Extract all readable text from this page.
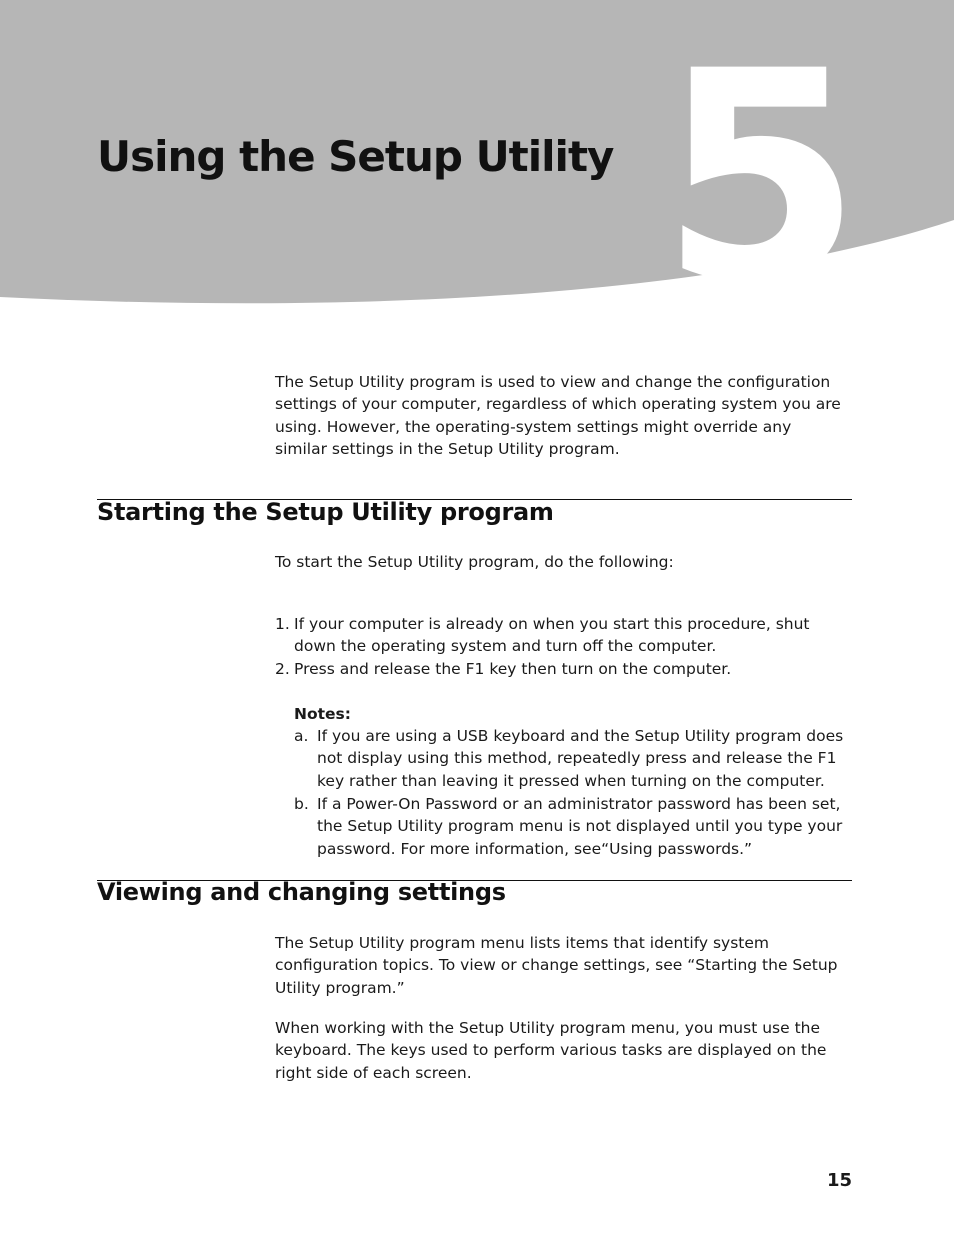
5
Using the Setup Utility

The Setup Utility program is used to view and change the configuration settings of your computer, regardless of which operating system you are using. However, the operating-system settings might override any similar settings in the Setup Utility program.

Starting the Setup Utility program

To start the Setup Utility program, do the following:

1. If your computer is already on when you start this procedure, shut down the operating system and turn off the computer.

2. Press and release the F1 key then turn on the computer.

Notes:
a. If you are using a USB keyboard and the Setup Utility program does not display using this method, repeatedly press and release the F1 key rather than leaving it pressed when turning on the computer.

b. If a Power-On Password or an administrator password has been set, the Setup Utility program menu is not displayed until you type your password. For more information, see“Using passwords.”

Viewing and changing settings

The Setup Utility program menu lists items that identify system configuration topics. To view or change settings, see “Starting the Setup Utility program.”

When working with the Setup Utility program menu, you must use the keyboard. The keys used to perform various tasks are displayed on the right side of each screen.

15
